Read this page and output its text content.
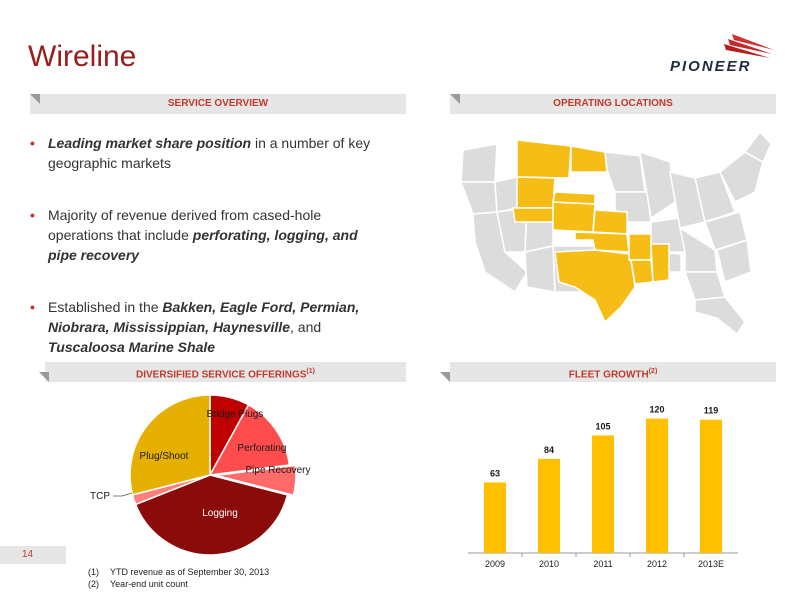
Wireline	PIONEER
SERVICE OVERVIEW	OPERATING LOCATIONS
DIVERSIFIED SERVICE OFFERINGS$^{(1)}$	FLEET GROWTH$^{(2)}$
• Leading market share position in a number of key geographic markets
• Majority of revenue derived from cased-hole operations that include perforating, logging, and pipe recovery
• Established in the Bakken, Eagle Ford, Permian, Niobrara, Mississippian, Haynesville, and Tuscaloosa Marine Shale
Bridge Plugs
Perforating
Pipe Recovery
Logging
TCP
Plug/Shoot
63
2009
84
2010
105
2011
120
2012
119
2013E
14
(1) YTD revenue as of September 30, 2013
(2) Year-end unit count
